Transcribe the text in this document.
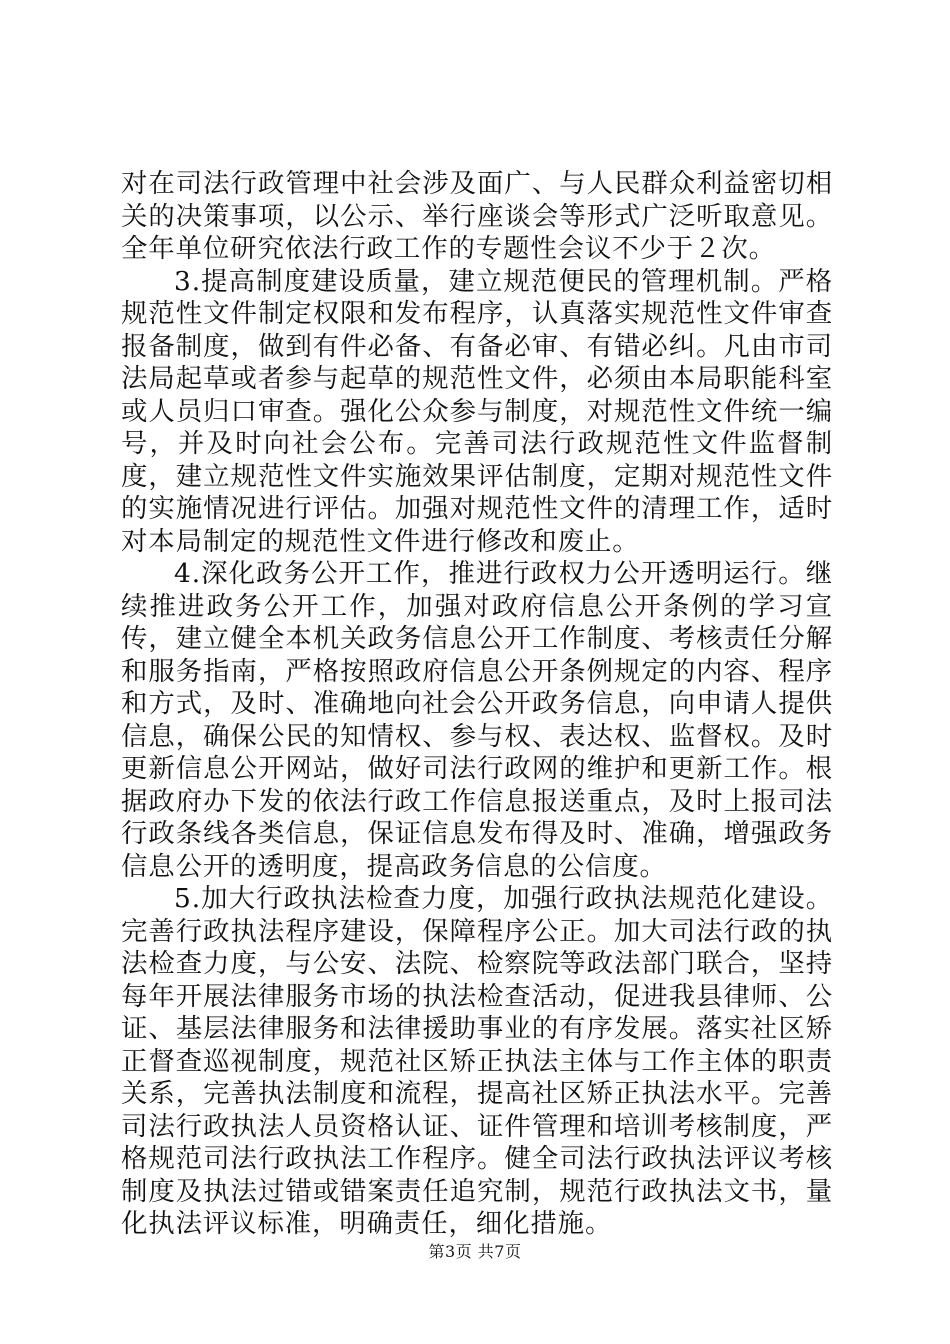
对在司法行政管理中社会涉及面广、与人民群众利益密切相关的决策事项，以公示、举行座谈会等形式广泛听取意见。全年单位研究依法行政工作的专题性会议不少于２次。

3.提高制度建设质量，建立规范便民的管理机制。严格规范性文件制定权限和发布程序，认真落实规范性文件审查报备制度，做到有件必备、有备必审、有错必纠。凡由市司法局起草或者参与起草的规范性文件，必须由本局职能科室或人员归口审查。强化公众参与制度，对规范性文件统一编号，并及时向社会公布。完善司法行政规范性文件监督制度，建立规范性文件实施效果评估制度，定期对规范性文件的实施情况进行评估。加强对规范性文件的清理工作，适时对本局制定的规范性文件进行修改和废止。

4.深化政务公开工作，推进行政权力公开透明运行。继续推进政务公开工作，加强对政府信息公开条例的学习宣传，建立健全本机关政务信息公开工作制度、考核责任分解和服务指南，严格按照政府信息公开条例规定的内容、程序和方式，及时、准确地向社会公开政务信息，向申请人提供信息，确保公民的知情权、参与权、表达权、监督权。及时更新信息公开网站，做好司法行政网的维护和更新工作。根据政府办下发的依法行政工作信息报送重点，及时上报司法行政条线各类信息，保证信息发布得及时、准确，增强政务信息公开的透明度，提高政务信息的公信度。

5.加大行政执法检查力度，加强行政执法规范化建设。完善行政执法程序建设，保障程序公正。加大司法行政的执法检查力度，与公安、法院、检察院等政法部门联合，坚持每年开展法律服务市场的执法检查活动，促进我县律师、公证、基层法律服务和法律援助事业的有序发展。落实社区矫正督查巡视制度，规范社区矫正执法主体与工作主体的职责关系，完善执法制度和流程，提高社区矫正执法水平。完善司法行政执法人员资格认证、证件管理和培训考核制度，严格规范司法行政执法工作程序。健全司法行政执法评议考核制度及执法过错或错案责任追究制，规范行政执法文书，量化执法评议标准，明确责任，细化措施。

第3页 共7页
